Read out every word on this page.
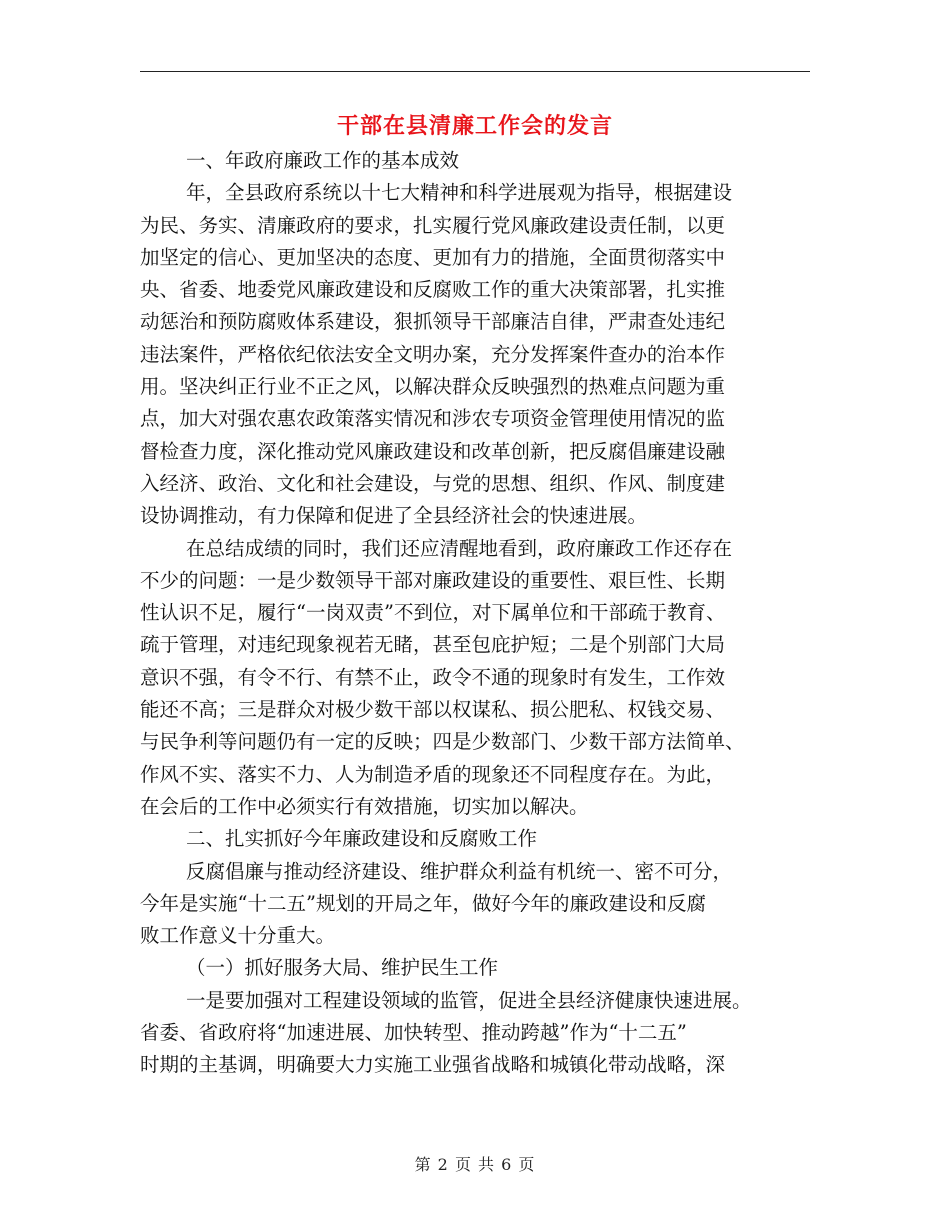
干部在县清廉工作会的发言
一、年政府廉政工作的基本成效
年，全县政府系统以十七大精神和科学进展观为指导，根据建设
为民、务实、清廉政府的要求，扎实履行党风廉政建设责任制，以更
加坚定的信心、更加坚决的态度、更加有力的措施，全面贯彻落实中
央、省委、地委党风廉政建设和反腐败工作的重大决策部署，扎实推
动惩治和预防腐败体系建设，狠抓领导干部廉洁自律，严肃查处违纪
违法案件，严格依纪依法安全文明办案，充分发挥案件查办的治本作
用。坚决纠正行业不正之风，以解决群众反映强烈的热难点问题为重
点，加大对强农惠农政策落实情况和涉农专项资金管理使用情况的监
督检查力度，深化推动党风廉政建设和改革创新，把反腐倡廉建设融
入经济、政治、文化和社会建设，与党的思想、组织、作风、制度建
设协调推动，有力保障和促进了全县经济社会的快速进展。
在总结成绩的同时，我们还应清醒地看到，政府廉政工作还存在
不少的问题：一是少数领导干部对廉政建设的重要性、艰巨性、长期
性认识不足，履行“一岗双责”不到位，对下属单位和干部疏于教育、
疏于管理，对违纪现象视若无睹，甚至包庇护短；二是个别部门大局
意识不强，有令不行、有禁不止，政令不通的现象时有发生，工作效
能还不高；三是群众对极少数干部以权谋私、损公肥私、权钱交易、
与民争利等问题仍有一定的反映；四是少数部门、少数干部方法简单、
作风不实、落实不力、人为制造矛盾的现象还不同程度存在。为此，
在会后的工作中必须实行有效措施，切实加以解决。
二、扎实抓好今年廉政建设和反腐败工作
反腐倡廉与推动经济建设、维护群众利益有机统一、密不可分，
今年是实施“十二五”规划的开局之年，做好今年的廉政建设和反腐
败工作意义十分重大。
（一）抓好服务大局、维护民生工作
一是要加强对工程建设领域的监管，促进全县经济健康快速进展。
省委、省政府将“加速进展、加快转型、推动跨越”作为“十二五”
时期的主基调，明确要大力实施工业强省战略和城镇化带动战略，深
第 2 页 共 6 页
